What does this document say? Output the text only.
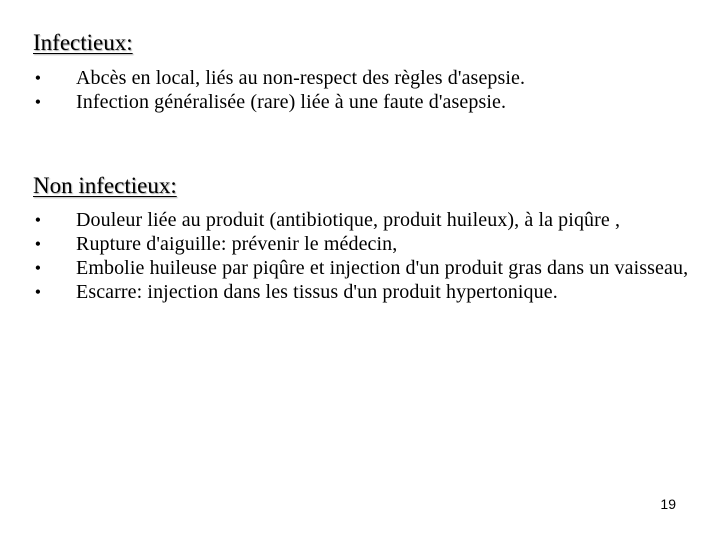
Infectieux:
• Abcès en local, liés au non-respect des règles d'asepsie.
• Infection généralisée (rare) liée à une faute d'asepsie.
Non infectieux:
• Douleur liée au produit (antibiotique, produit huileux), à la piqûre ,
• Rupture d'aiguille: prévenir le médecin,
• Embolie huileuse par piqûre et injection d'un produit gras dans un vaisseau,
• Escarre: injection dans les tissus d'un produit hypertonique.
19
